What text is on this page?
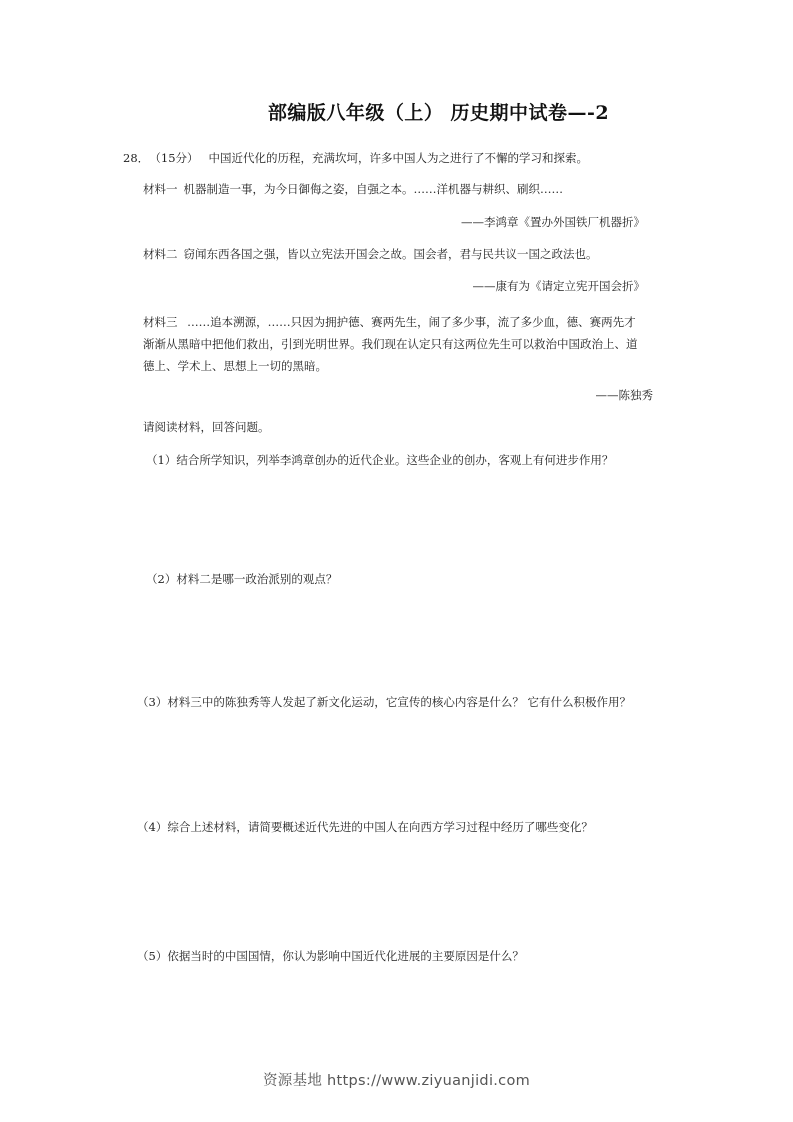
部编版八年级（上） 历史期中试卷—-2
28． （15分） 中国近代化的历程，充满坎坷，许多中国人为之进行了不懈的学习和探索。
材料一 机器制造一事，为今日御侮之姿，自强之本。……洋机器与耕织、刷织……
——李鸿章《置办外国铁厂机器折》
材料二 窃闻东西各国之强，皆以立宪法开国会之故。国会者，君与民共议一国之政法也。
——康有为《请定立宪开国会折》
材料三 ……追本溯源，……只因为拥护德、赛两先生，闹了多少事，流了多少血，德、赛两先才
渐渐从黑暗中把他们救出，引到光明世界。我们现在认定只有这两位先生可以救治中国政治上、道
德上、学术上、思想上一切的黑暗。
——陈独秀
请阅读材料，回答问题。
（1）结合所学知识，列举李鸿章创办的近代企业。这些企业的创办，客观上有何进步作用？
（2）材料二是哪一政治派别的观点？
（3）材料三中的陈独秀等人发起了新文化运动，它宣传的核心内容是什么？ 它有什么积极作用？
（4）综合上述材料，请简要概述近代先进的中国人在向西方学习过程中经历了哪些变化？
（5）依据当时的中国国情，你认为影响中国近代化进展的主要原因是什么？
资源基地 https://www.ziyuanjidi.com
